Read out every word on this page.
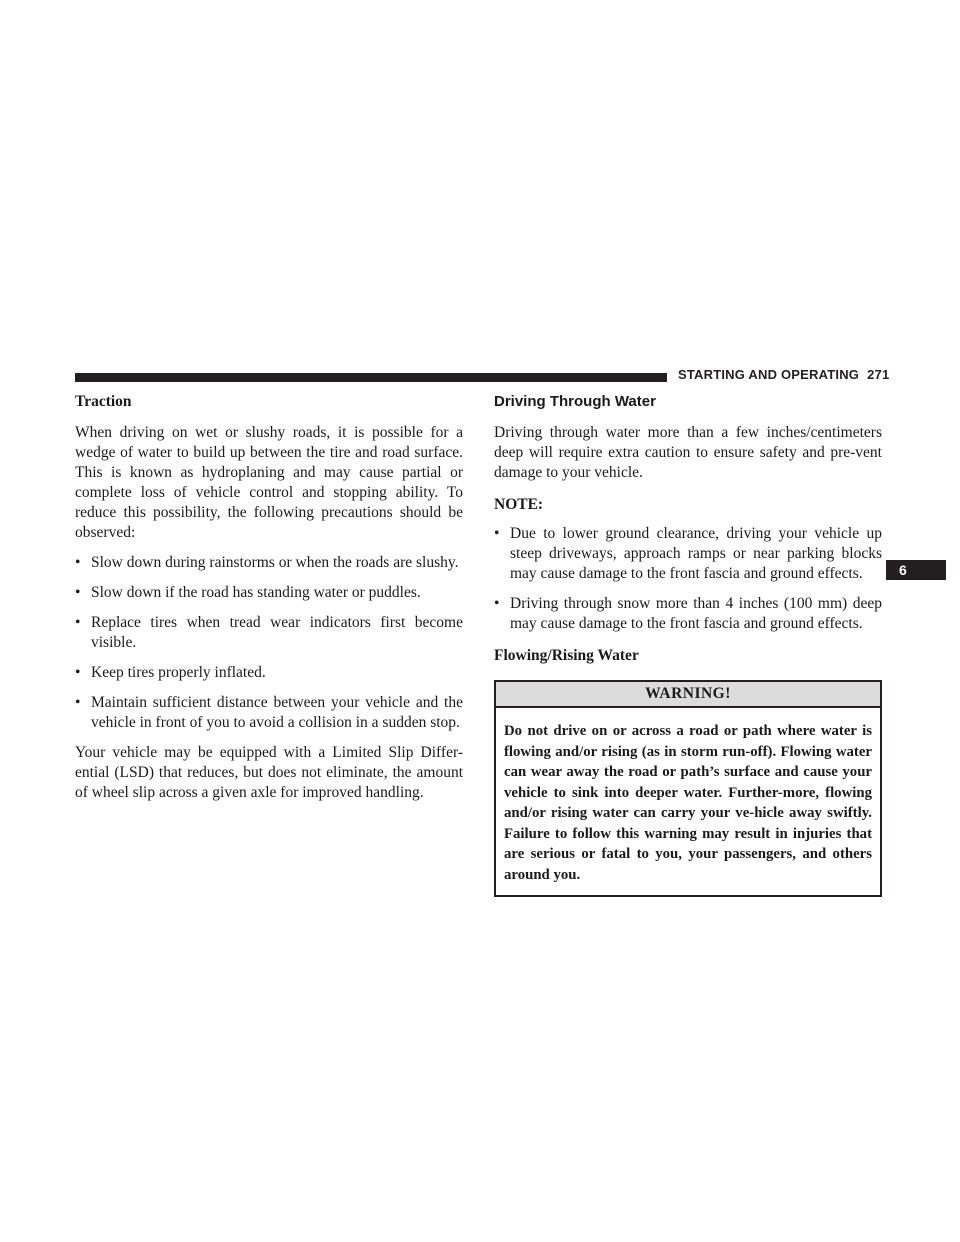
STARTING AND OPERATING 271
6
Traction

When driving on wet or slushy roads, it is possible for a wedge of water to build up between the tire and road surface. This is known as hydroplaning and may cause partial or complete loss of vehicle control and stopping ability. To reduce this possibility, the following precautions should be observed:

• Slow down during rainstorms or when the roads are slushy.
• Slow down if the road has standing water or puddles.
• Replace tires when tread wear indicators first become visible.
• Keep tires properly inflated.
• Maintain sufficient distance between your vehicle and the vehicle in front of you to avoid a collision in a sudden stop.

Your vehicle may be equipped with a Limited Slip Differ-ential (LSD) that reduces, but does not eliminate, the amount of wheel slip across a given axle for improved handling.

Driving Through Water

Driving through water more than a few inches/centimeters deep will require extra caution to ensure safety and pre-vent damage to your vehicle.

NOTE:
• Due to lower ground clearance, driving your vehicle up steep driveways, approach ramps or near parking blocks may cause damage to the front fascia and ground effects.
• Driving through snow more than 4 inches (100 mm) deep may cause damage to the front fascia and ground effects.
Flowing/Rising Water
WARNING!
Do not drive on or across a road or path where water is flowing and/or rising (as in storm run-off). Flowing water can wear away the road or path’s surface and cause your vehicle to sink into deeper water. Further-more, flowing and/or rising water can carry your ve-hicle away swiftly. Failure to follow this warning may result in injuries that are serious or fatal to you, your passengers, and others around you.
